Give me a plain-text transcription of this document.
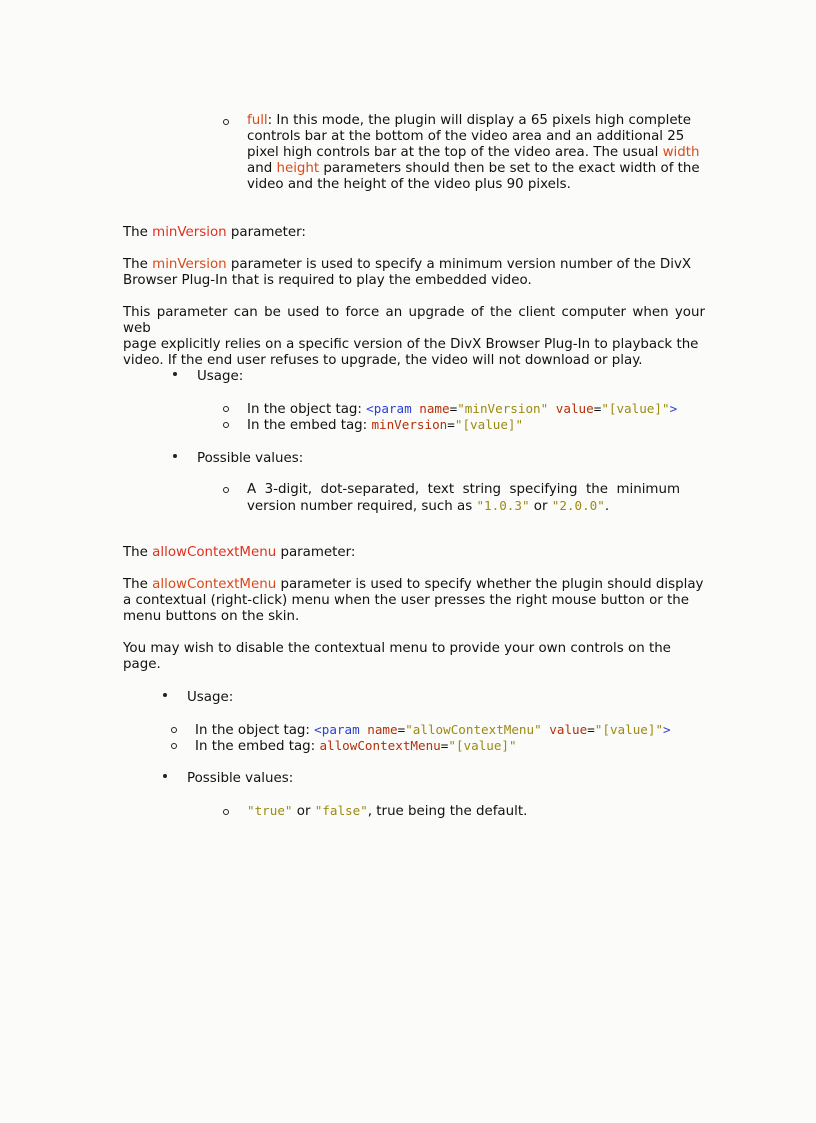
full: In this mode, the plugin will display a 65 pixels high complete
controls bar at the bottom of the video area and an additional 25
pixel high controls bar at the top of the video area. The usual width
and height parameters should then be set to the exact width of the
video and the height of the video plus 90 pixels.
The minVersion parameter:
The minVersion parameter is used to specify a minimum version number of the DivX
Browser Plug-In that is required to play the embedded video.
This parameter can be used to force an upgrade of the client computer when your web
page explicitly relies on a specific version of the DivX Browser Plug-In to playback the
video. If the end user refuses to upgrade, the video will not download or play.
Usage:
In the object tag: <param name="minVersion" value="[value]">
In the embed tag: minVersion="[value]"
Possible values:
A  3-digit,  dot-separated,  text  string  specifying  the  minimum
version number required, such as "1.0.3" or "2.0.0".
The allowContextMenu parameter:
The allowContextMenu parameter is used to specify whether the plugin should display
a contextual (right-click) menu when the user presses the right mouse button or the
menu buttons on the skin.
You may wish to disable the contextual menu to provide your own controls on the
page.
Usage:
In the object tag: <param name="allowContextMenu" value="[value]">
In the embed tag: allowContextMenu="[value]"
Possible values:
"true" or "false", true being the default.
